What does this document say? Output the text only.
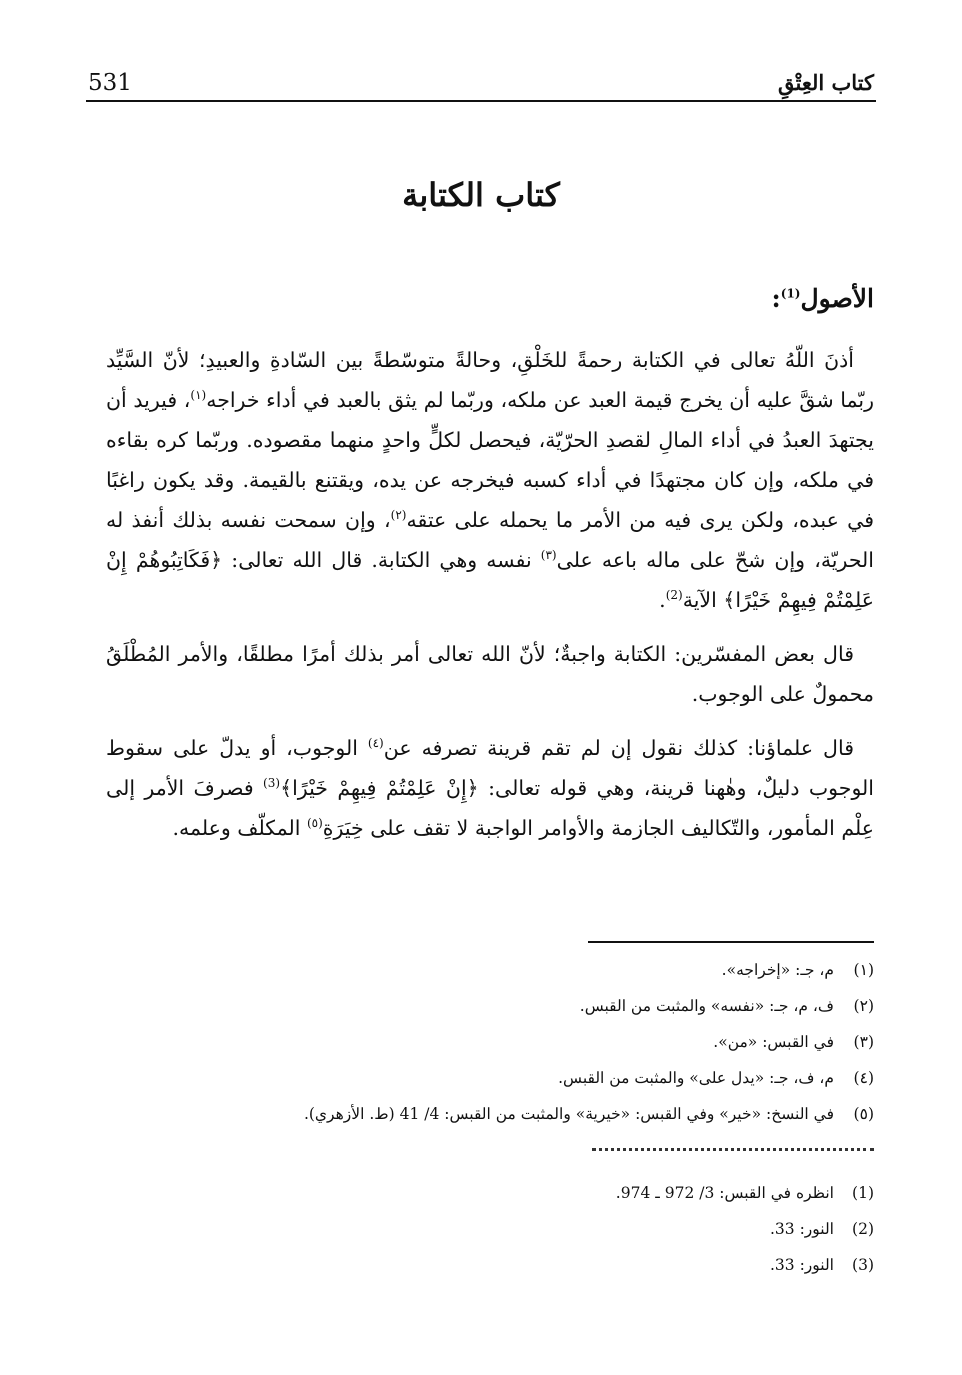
531	كتاب العِتْقِ
كتاب الكتابة
الأصول$^{(1)}$:

أذنَ اللّهُ تعالى في الكتابة رحمةً للخَلْقِ، وحالةً متوسّطةً بين السّادةِ والعبيدِ؛ لأنّ السَّيِّد ربّما شقَّ عليه أن يخرج قيمة العبد عن ملكه، وربّما لم يثق بالعبد في أداء خراجه$^{(١)}$، فيريد أن يجتهدَ العبدُ في أداء المالِ لقصدِ الحرّيّة، فيحصل لكلٍّ واحدٍ منهما مقصوده. وربّما كره بقاءه في ملكه، وإن كان مجتهدًا في أداء كسبه فيخرجه عن يده، ويقتنع بالقيمة. وقد يكون راغبًا في عبده، ولكن يرى فيه من الأمر ما يحمله على عتقه$^{(٢)}$، وإن سمحت نفسه بذلك أنفذ له الحريّة، وإن شحّ على ماله باعه على$^{(٣)}$ نفسه وهي الكتابة. قال الله تعالى: ﴿فَكَاتِبُوهُمْ إِنْ عَلِمْتُمْ فِيهِمْ خَيْرًا﴾ الآية$^{(2)}$.

قال بعض المفسّرين: الكتابة واجبةٌ؛ لأنّ الله تعالى أمر بذلك أمرًا مطلقًا، والأمر المُطْلَقُ محمولٌ على الوجوب.

قال علماؤنا: كذلك نقول إن لم تقم قرينة تصرفه عن$^{(٤)}$ الوجوب، أو يدلّ على سقوط الوجوب دليلٌ، وهٰهنا قرينة، وهي قوله تعالى: ﴿إِنْ عَلِمْتُمْ فِيهِمْ خَيْرًا﴾$^{(3)}$ فصرفَ الأمر إلى عِلْم المأمور، والتّكاليف الجازمة والأوامر الواجبة لا تقف على خِيَرَةِ$^{(٥)}$ المكلّف وعلمه.

(١)
م، جـ: «إخراجه».
(٢)
ف، م، جـ: «نفسه» والمثبت من القبس.
(٣)
في القبس: «من».
(٤)
م، ف، جـ: «يدل على» والمثبت من القبس.
(٥)
في النسخ: «خير» وفي القبس: «خيرية» والمثبت من القبس: 4/ 41 (ط. الأزهري).
(1)
انظره في القبس: 3/ 972 ـ 974.
(2)
النور: 33.
(3)
النور: 33.
